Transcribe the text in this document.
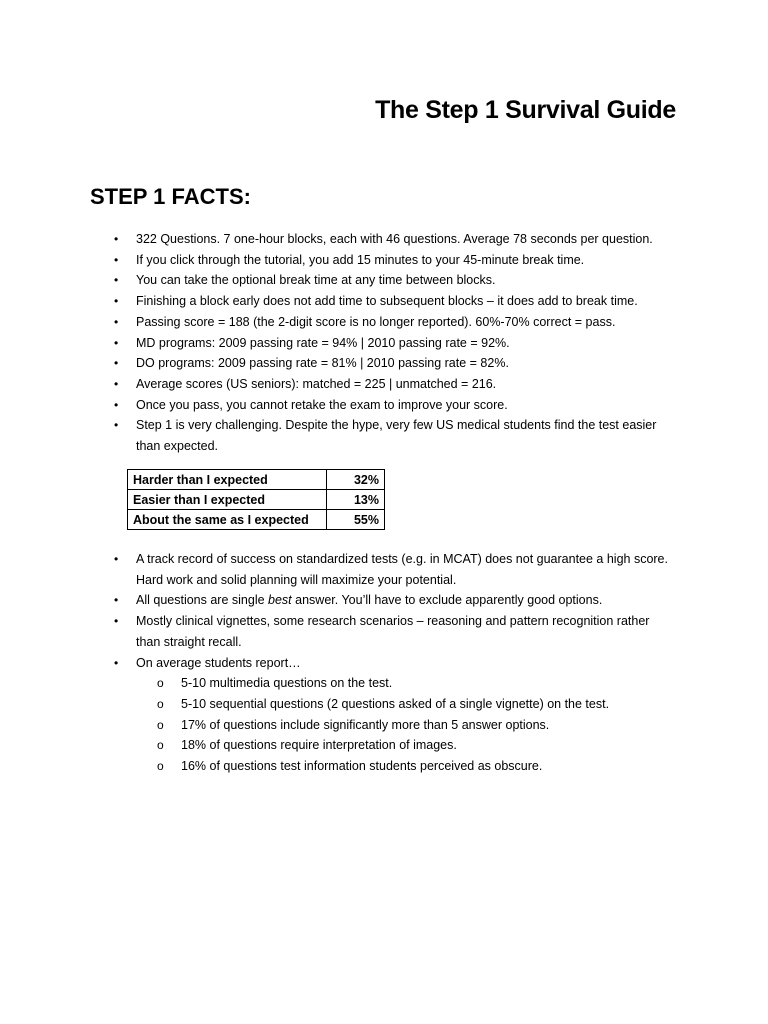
The Step 1 Survival Guide
STEP 1 FACTS:
• 322 Questions. 7 one-hour blocks, each with 46 questions. Average 78 seconds per question.
• If you click through the tutorial, you add 15 minutes to your 45-minute break time.
• You can take the optional break time at any time between blocks.
• Finishing a block early does not add time to subsequent blocks – it does add to break time.
• Passing score = 188 (the 2-digit score is no longer reported). 60%-70% correct = pass.
• MD programs: 2009 passing rate = 94% | 2010 passing rate = 92%.
• DO programs: 2009 passing rate = 81% | 2010 passing rate = 82%.
• Average scores (US seniors): matched = 225 | unmatched = 216.
• Once you pass, you cannot retake the exam to improve your score.
• Step 1 is very challenging. Despite the hype, very few US medical students find the test easier
than expected.
Harder than I expected	32%
Easier than I expected	13%
About the same as I expected	55%
• A track record of success on standardized tests (e.g. in MCAT) does not guarantee a high score.
Hard work and solid planning will maximize your potential.
• All questions are single best answer. You’ll have to exclude apparently good options.
• Mostly clinical vignettes, some research scenarios – reasoning and pattern recognition rather
than straight recall.
• On average students report…
o 5-10 multimedia questions on the test.
o 5-10 sequential questions (2 questions asked of a single vignette) on the test.
o 17% of questions include significantly more than 5 answer options.
o 18% of questions require interpretation of images.
o 16% of questions test information students perceived as obscure.
